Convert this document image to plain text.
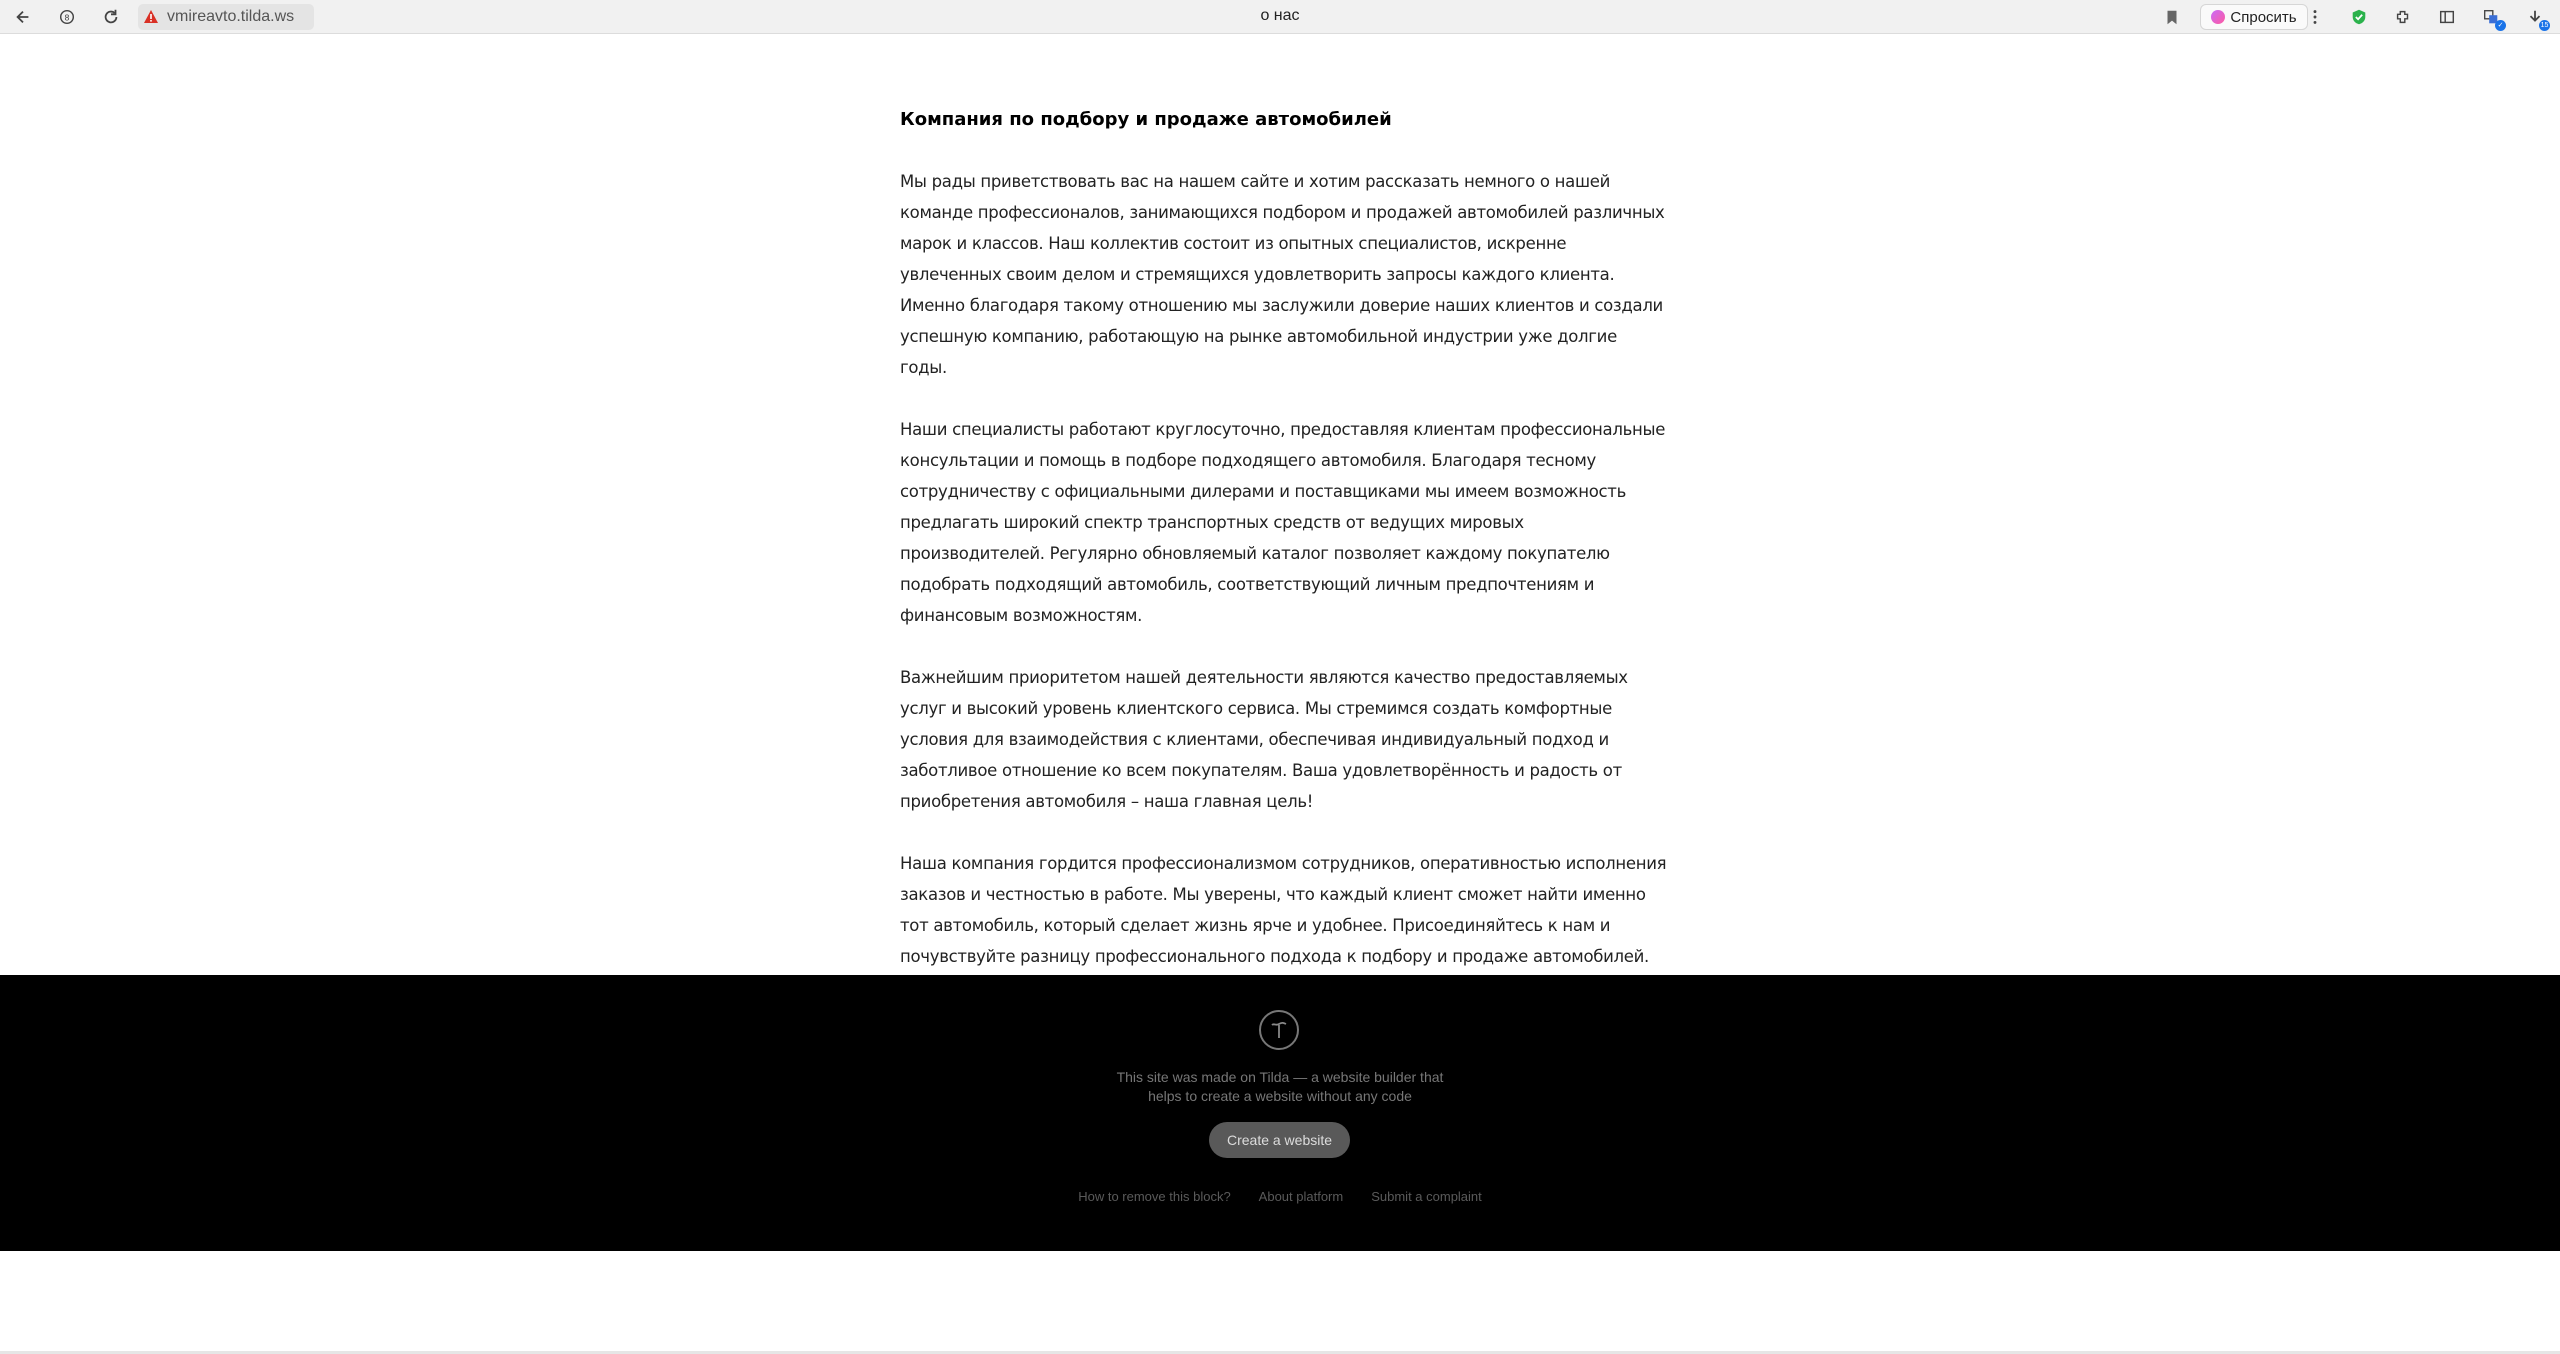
8	vmireavto.tilda.ws	о нас	Спросить	✓	15
Компания по подбору и продаже автомобилей

Мы рады приветствовать вас на нашем сайте и хотим рассказать немного о нашей команде профессионалов, занимающихся подбором и продажей автомобилей различных марок и классов. Наш коллектив состоит из опытных специалистов, искренне увлеченных своим делом и стремящихся удовлетворить запросы каждого клиента. Именно благодаря такому отношению мы заслужили доверие наших клиентов и создали успешную компанию, работающую на рынке автомобильной индустрии уже долгие годы.

Наши специалисты работают круглосуточно, предоставляя клиентам профессиональные консультации и помощь в подборе подходящего автомобиля. Благодаря тесному сотрудничеству с официальными дилерами и поставщиками мы имеем возможность предлагать широкий спектр транспортных средств от ведущих мировых производителей. Регулярно обновляемый каталог позволяет каждому покупателю подобрать подходящий автомобиль, соответствующий личным предпочтениям и финансовым возможностям.

Важнейшим приоритетом нашей деятельности являются качество предоставляемых услуг и высокий уровень клиентского сервиса. Мы стремимся создать комфортные условия для взаимодействия с клиентами, обеспечивая индивидуальный подход и заботливое отношение ко всем покупателям. Ваша удовлетворённость и радость от приобретения автомобиля – наша главная цель!

Наша компания гордится профессионализмом сотрудников, оперативностью исполнения заказов и честностью в работе. Мы уверены, что каждый клиент сможет найти именно тот автомобиль, который сделает жизнь ярче и удобнее. Присоединяйтесь к нам и почувствуйте разницу профессионального подхода к подбору и продаже автомобилей.

This site was made on Tilda — a website builder that
helps to create a website without any code
Create a website
How to remove this block? About platform Submit a complaint
